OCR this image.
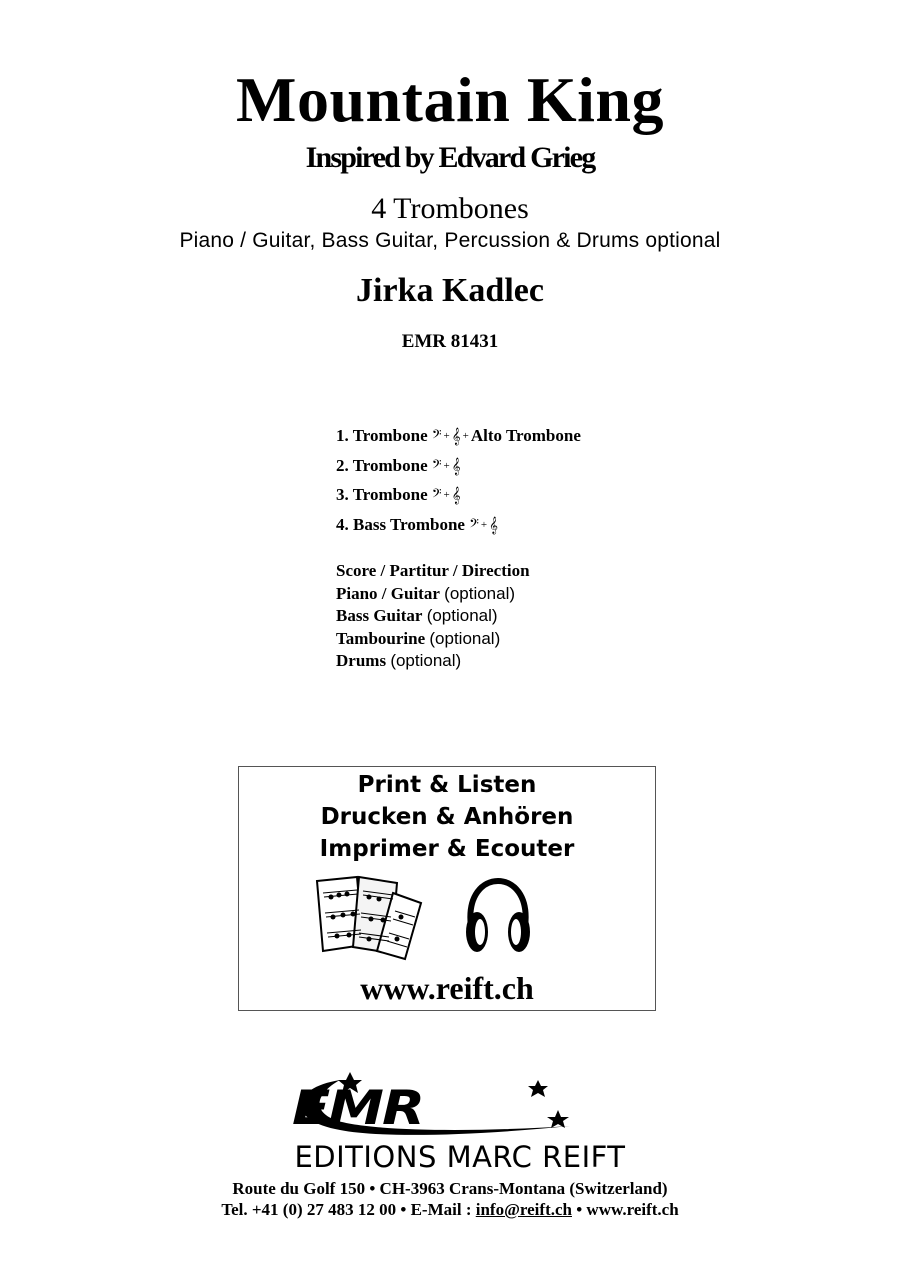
Mountain King
Inspired by Edvard Grieg
4 Trombones
Piano / Guitar, Bass Guitar, Percussion & Drums optional
Jirka Kadlec
EMR 81431
1. Trombone 𝄢 + 𝄞 + Alto Trombone
2. Trombone 𝄢 + 𝄞
3. Trombone 𝄢 + 𝄞
4. Bass Trombone 𝄢 + 𝄞
Score / Partitur / Direction
Piano / Guitar (optional)
Bass Guitar (optional)
Tambourine (optional)
Drums (optional)
Print & Listen
Drucken & Anhören
Imprimer & Ecouter
www.reift.ch
EMR
EDITIONS MARC REIFT
Route du Golf 150 • CH-3963 Crans-Montana (Switzerland)
Tel. +41 (0) 27 483 12 00 • E-Mail : info@reift.ch • www.reift.ch
